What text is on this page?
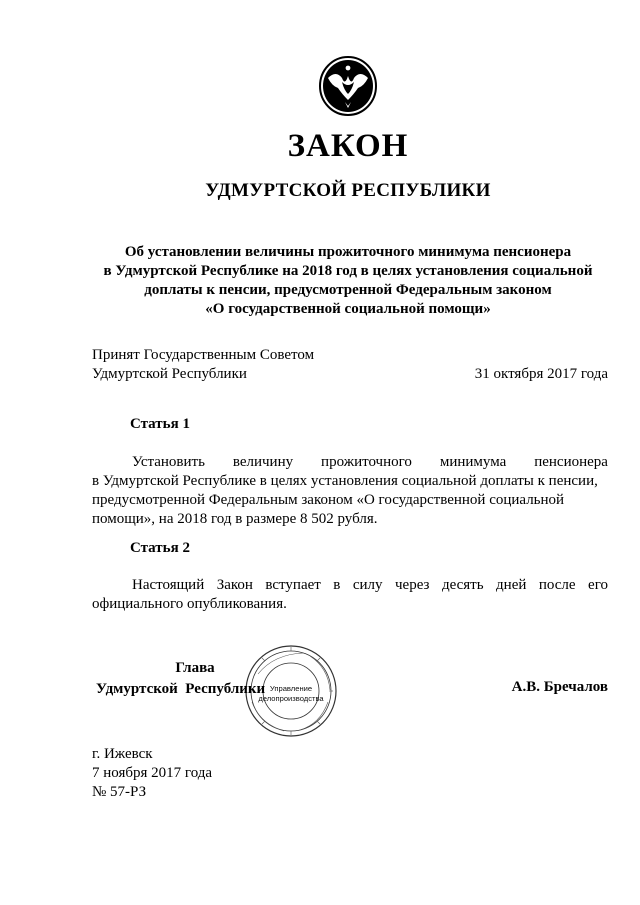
ЗАКОН
УДМУРТСКОЙ РЕСПУБЛИКИ
Об установлении величины прожиточного минимума пенсионера
в Удмуртской Республике на 2018 год в целях установления социальной
доплаты к пенсии, предусмотренной Федеральным законом
«О государственной социальной помощи»
Принят Государственным Советом
Удмуртской Республики	31 октября 2017 года
Статья 1
Установить величину прожиточного минимума пенсионера
в Удмуртской Республике в целях установления социальной доплаты к пенсии,
предусмотренной Федеральным законом «О государственной социальной
помощи», на 2018 год в размере 8 502 рубля.
Статья 2
Настоящий Закон вступает в силу через десять дней после его
официального опубликования.
Управление
делопроизводства
Глава
Удмуртской  Республики	А.В. Бречалов
г. Ижевск
7 ноября 2017 года
№ 57-РЗ
